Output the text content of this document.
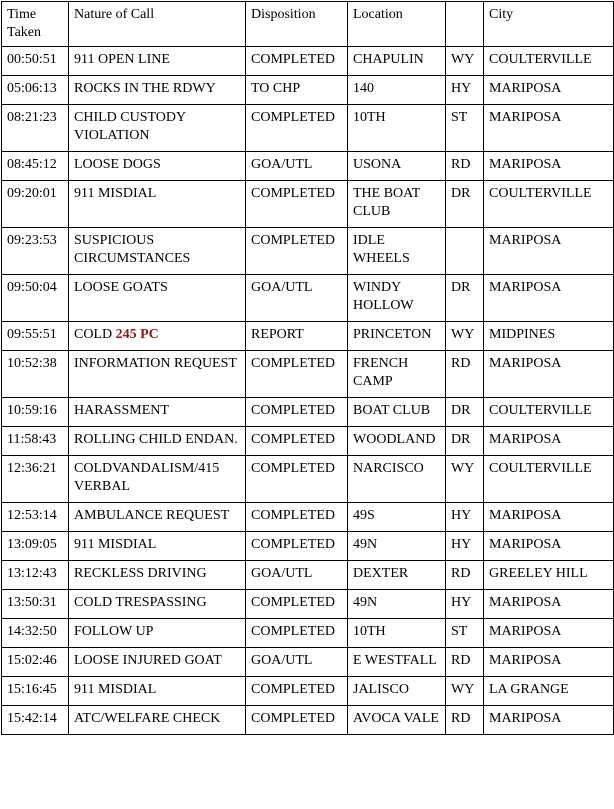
Time Taken	Nature of Call	Disposition	Location		City
00:50:51	911 OPEN LINE	COMPLETED	CHAPULIN	WY	COULTERVILLE
05:06:13	ROCKS IN THE RDWY	TO CHP	140	HY	MARIPOSA
08:21:23	CHILD CUSTODY VIOLATION	COMPLETED	10TH	ST	MARIPOSA
08:45:12	LOOSE DOGS	GOA/UTL	USONA	RD	MARIPOSA
09:20:01	911 MISDIAL	COMPLETED	THE BOAT CLUB	DR	COULTERVILLE
09:23:53	SUSPICIOUS CIRCUMSTANCES	COMPLETED	IDLE WHEELS		MARIPOSA
09:50:04	LOOSE GOATS	GOA/UTL	WINDY HOLLOW	DR	MARIPOSA
09:55:51	COLD 245 PC	REPORT	PRINCETON	WY	MIDPINES
10:52:38	INFORMATION REQUEST	COMPLETED	FRENCH CAMP	RD	MARIPOSA
10:59:16	HARASSMENT	COMPLETED	BOAT CLUB	DR	COULTERVILLE
11:58:43	ROLLING CHILD ENDAN.	COMPLETED	WOODLAND	DR	MARIPOSA
12:36:21	COLDVANDALISM/415 VERBAL	COMPLETED	NARCISCO	WY	COULTERVILLE
12:53:14	AMBULANCE REQUEST	COMPLETED	49S	HY	MARIPOSA
13:09:05	911 MISDIAL	COMPLETED	49N	HY	MARIPOSA
13:12:43	RECKLESS DRIVING	GOA/UTL	DEXTER	RD	GREELEY HILL
13:50:31	COLD TRESPASSING	COMPLETED	49N	HY	MARIPOSA
14:32:50	FOLLOW UP	COMPLETED	10TH	ST	MARIPOSA
15:02:46	LOOSE INJURED GOAT	GOA/UTL	E WESTFALL	RD	MARIPOSA
15:16:45	911 MISDIAL	COMPLETED	JALISCO	WY	LA GRANGE
15:42:14	ATC/WELFARE CHECK	COMPLETED	AVOCA VALE	RD	MARIPOSA
